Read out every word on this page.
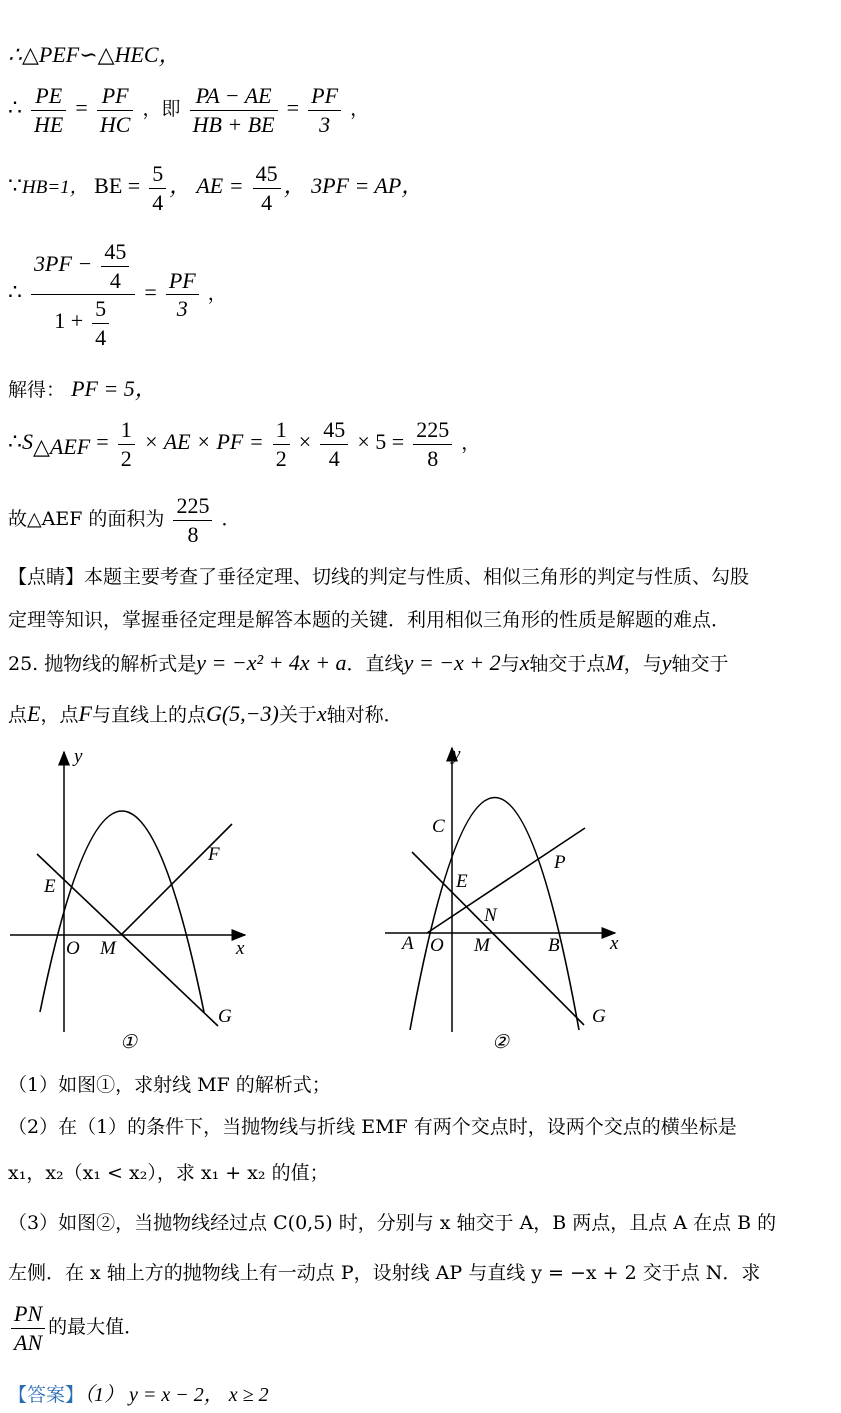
∴△PEF∽△HEC，
∴ $\frac{PE}{HE} = \frac{PF}{HC}$ ，即 $\frac{PA - AE}{HB + BE} = \frac{PF}{3}$ ，
∵HB=1， BE = $\frac{5}{4}$ ， AE = $\frac{45}{4}$ ， 3PF = AP，
∴ $\frac{3PF - \frac{45}{4}}{1 + \frac{5}{4}} = \frac{PF}{3}$ ，
解得： PF = 5，
$\therefore S_{\triangle AEF} = \frac{1}{2}$ × AE × PF = $\frac{1}{2} \times \frac{45}{4} \times 5 = \frac{225}{8}$ ，
故△AEF 的面积为 $\frac{225}{8}$ ．
【点睛】本题主要考查了垂径定理、切线的判定与性质、相似三角形的判定与性质、勾股
定理等知识，掌握垂径定理是解答本题的关键．利用相似三角形的性质是解题的难点．
25. 抛物线的解析式是y = −x² + 4x + a．直线y = −x + 2与x轴交于点M，与y轴交于
点E，点F与直线上的点G(5,−3)关于x轴对称．
y
x
O M
E
F
G
①
y
x
C
P
E
N
A O M	B
G
②
（1）如图①，求射线 MF 的解析式；
（2）在（1）的条件下，当抛物线与折线 EMF 有两个交点时，设两个交点的横坐标是
x₁，x₂（x₁ < x₂），求 x₁ + x₂ 的值；
（3）如图②，当抛物线经过点 C(0,5) 时，分别与 x 轴交于 A，B 两点，且点 A 在点 B 的
左侧．在 x 轴上方的抛物线上有一动点 P，设射线 AP 与直线 y = −x + 2 交于点 N．求
$\frac{PN}{AN}$ 的最大值．
【答案】（1） y = x − 2， x ≥ 2
